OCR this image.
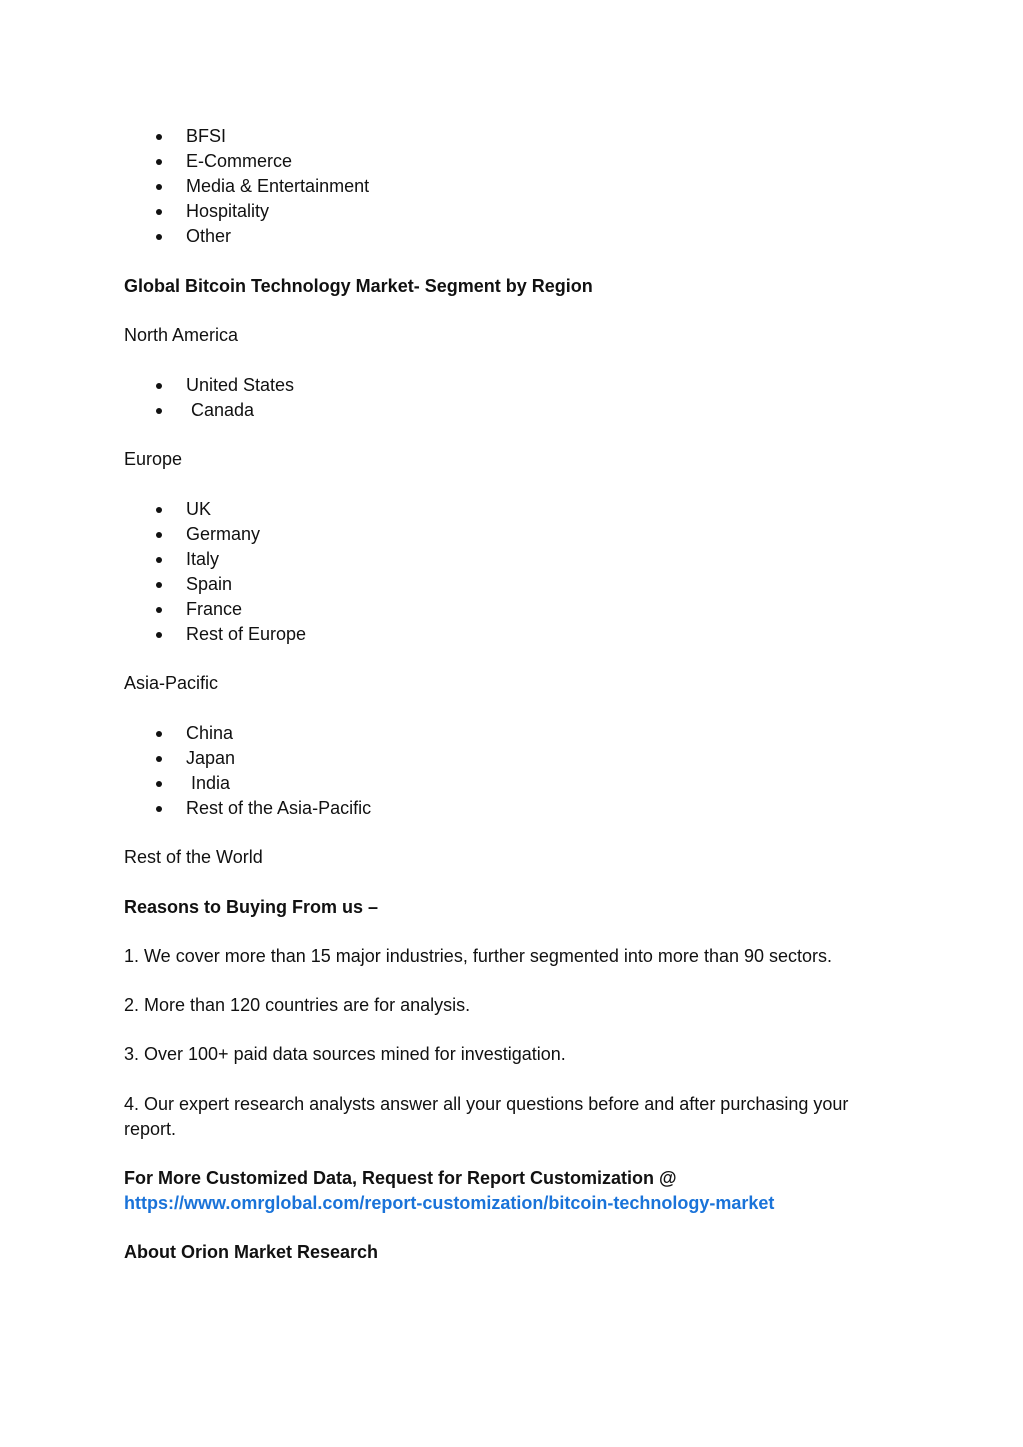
BFSI
E-Commerce
Media & Entertainment
Hospitality
Other

Global Bitcoin Technology Market- Segment by Region

North America

United States
Canada

Europe

UK
Germany
Italy
Spain
France
Rest of Europe

Asia-Pacific

China
Japan
India
Rest of the Asia-Pacific

Rest of the World

Reasons to Buying From us –

1. We cover more than 15 major industries, further segmented into more than 90 sectors.

2. More than 120 countries are for analysis.

3. Over 100+ paid data sources mined for investigation.

4. Our expert research analysts answer all your questions before and after purchasing your report.

For More Customized Data, Request for Report Customization @
https://www.omrglobal.com/report-customization/bitcoin-technology-market

About Orion Market Research
